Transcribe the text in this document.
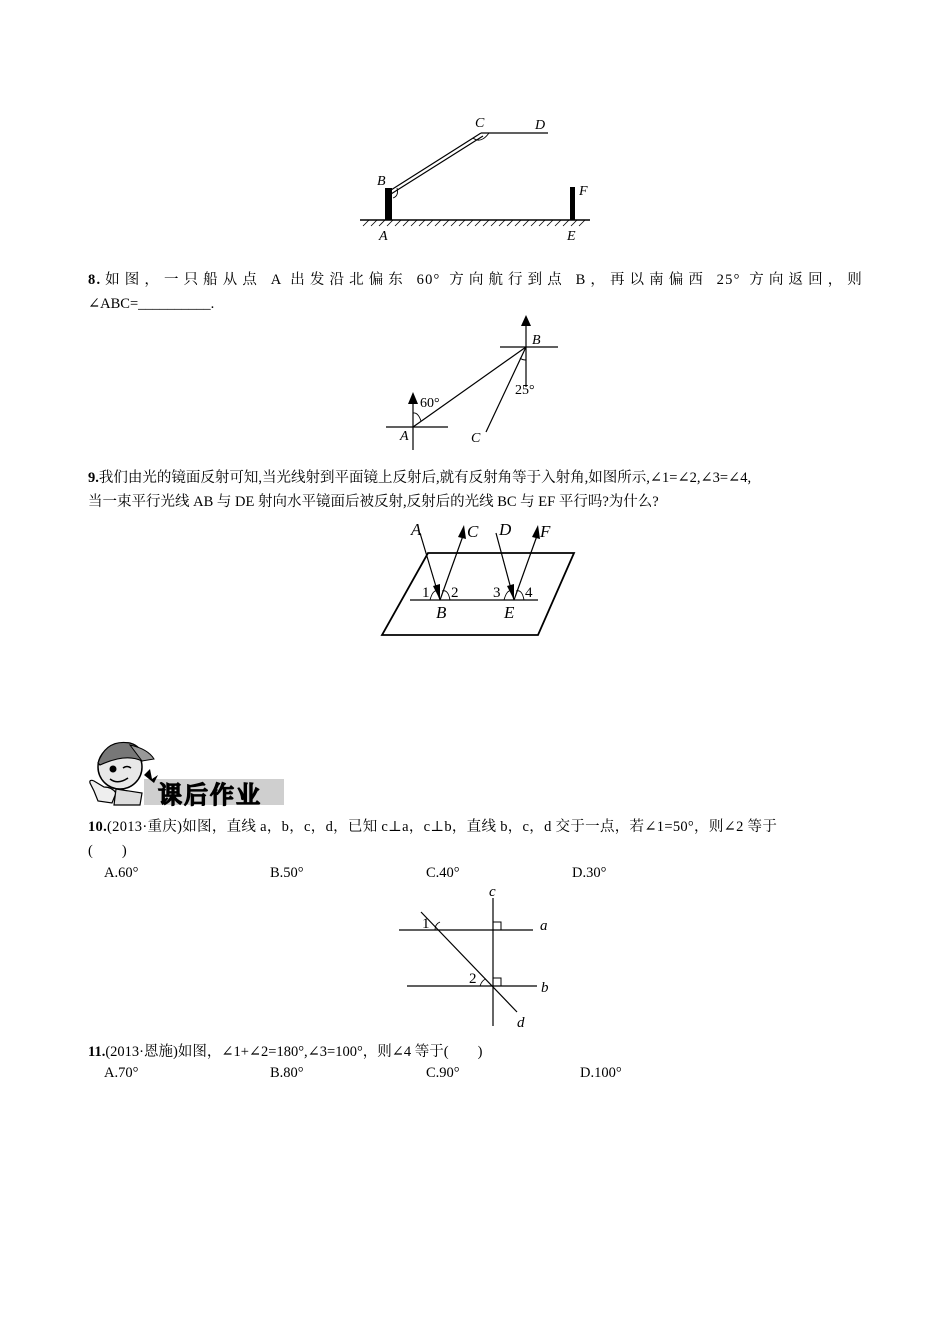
C	D
B
F
A	E
8.如图，一只船从点 A 出发沿北偏东 60° 方向航行到点 B，再以南偏西 25° 方向返回，则
∠ABC=__________.
B
A	C
60°
25°
9.我们由光的镜面反射可知,当光线射到平面镜上反射后,就有反射角等于入射角,如图所示,∠1=∠2,∠3=∠4,
当一束平行光线 AB 与 DE 射向水平镜面后被反射,反射后的光线 BC 与 EF 平行吗?为什么?
A	C D F
B	E
1 2 3 4
课后作业
10.(2013·重庆)如图，直线 a，b，c，d，已知 c⊥a，c⊥b，直线 b，c，d 交于一点，若∠1=50°，则∠2 等于
(　　)
A.60°	B.50°	C.40°	D.30°
c
a
b
d
1
2
11.(2013·恩施)如图，∠1+∠2=180°,∠3=100°，则∠4 等于(　　)
A.70°	B.80°	C.90°	D.100°
